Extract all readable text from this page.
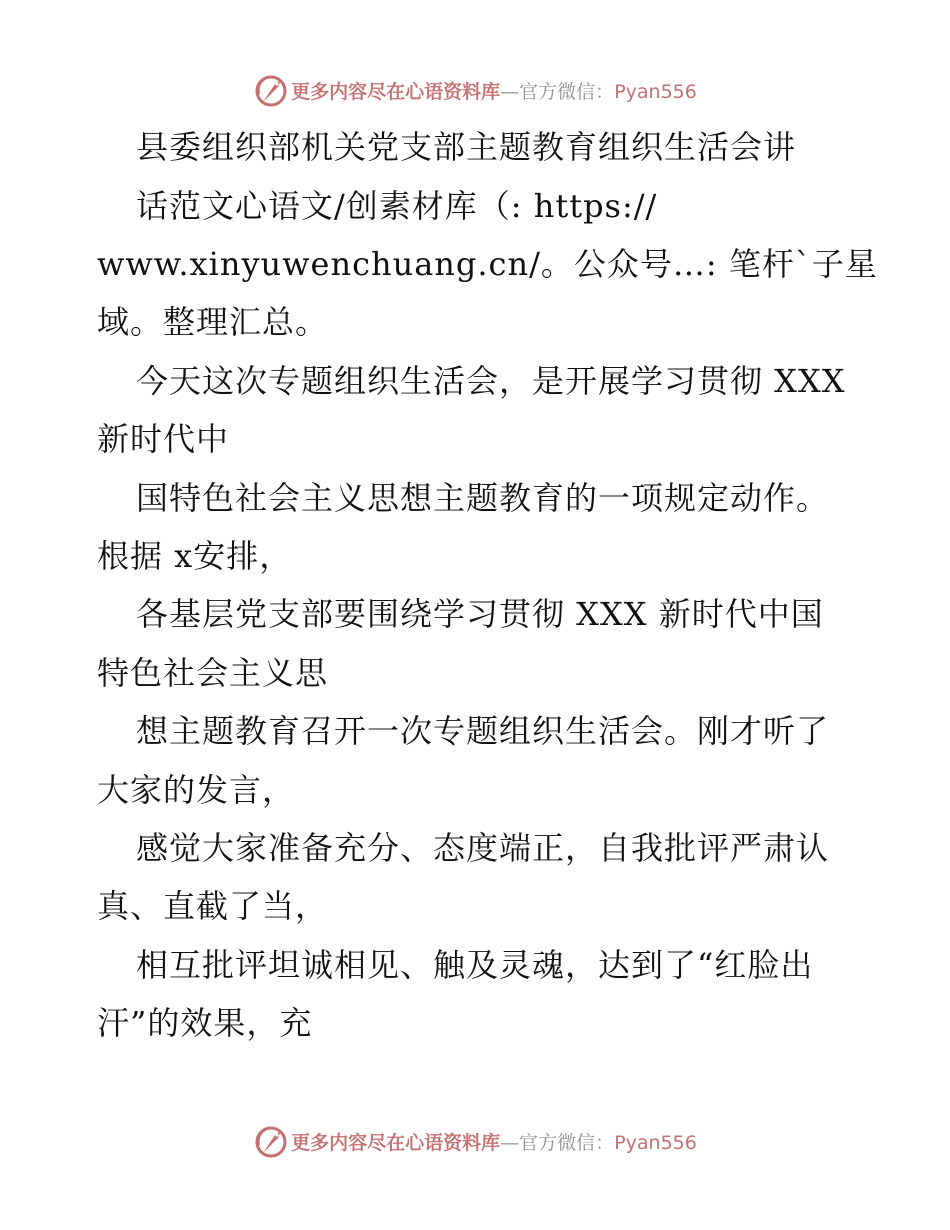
更多内容尽在心语资料库—官方微信：Pyan556
县委组织部机关党支部主题教育组织生活会讲
话范文心语文/创素材库（: https://
www.xinyuwenchuang.cn/。公众号…: 笔杆`子星
域。整理汇总。
今天这次专题组织生活会，是开展学习贯彻 XXX
新时代中
国特色社会主义思想主题教育的一项规定动作。
根据 x安排，
各基层党支部要围绕学习贯彻 XXX 新时代中国
特色社会主义思
想主题教育召开一次专题组织生活会。刚才听了
大家的发言，
感觉大家准备充分、态度端正，自我批评严肃认
真、直截了当，
相互批评坦诚相见、触及灵魂，达到了“红脸出
汗”的效果，充
更多内容尽在心语资料库—官方微信：Pyan556
